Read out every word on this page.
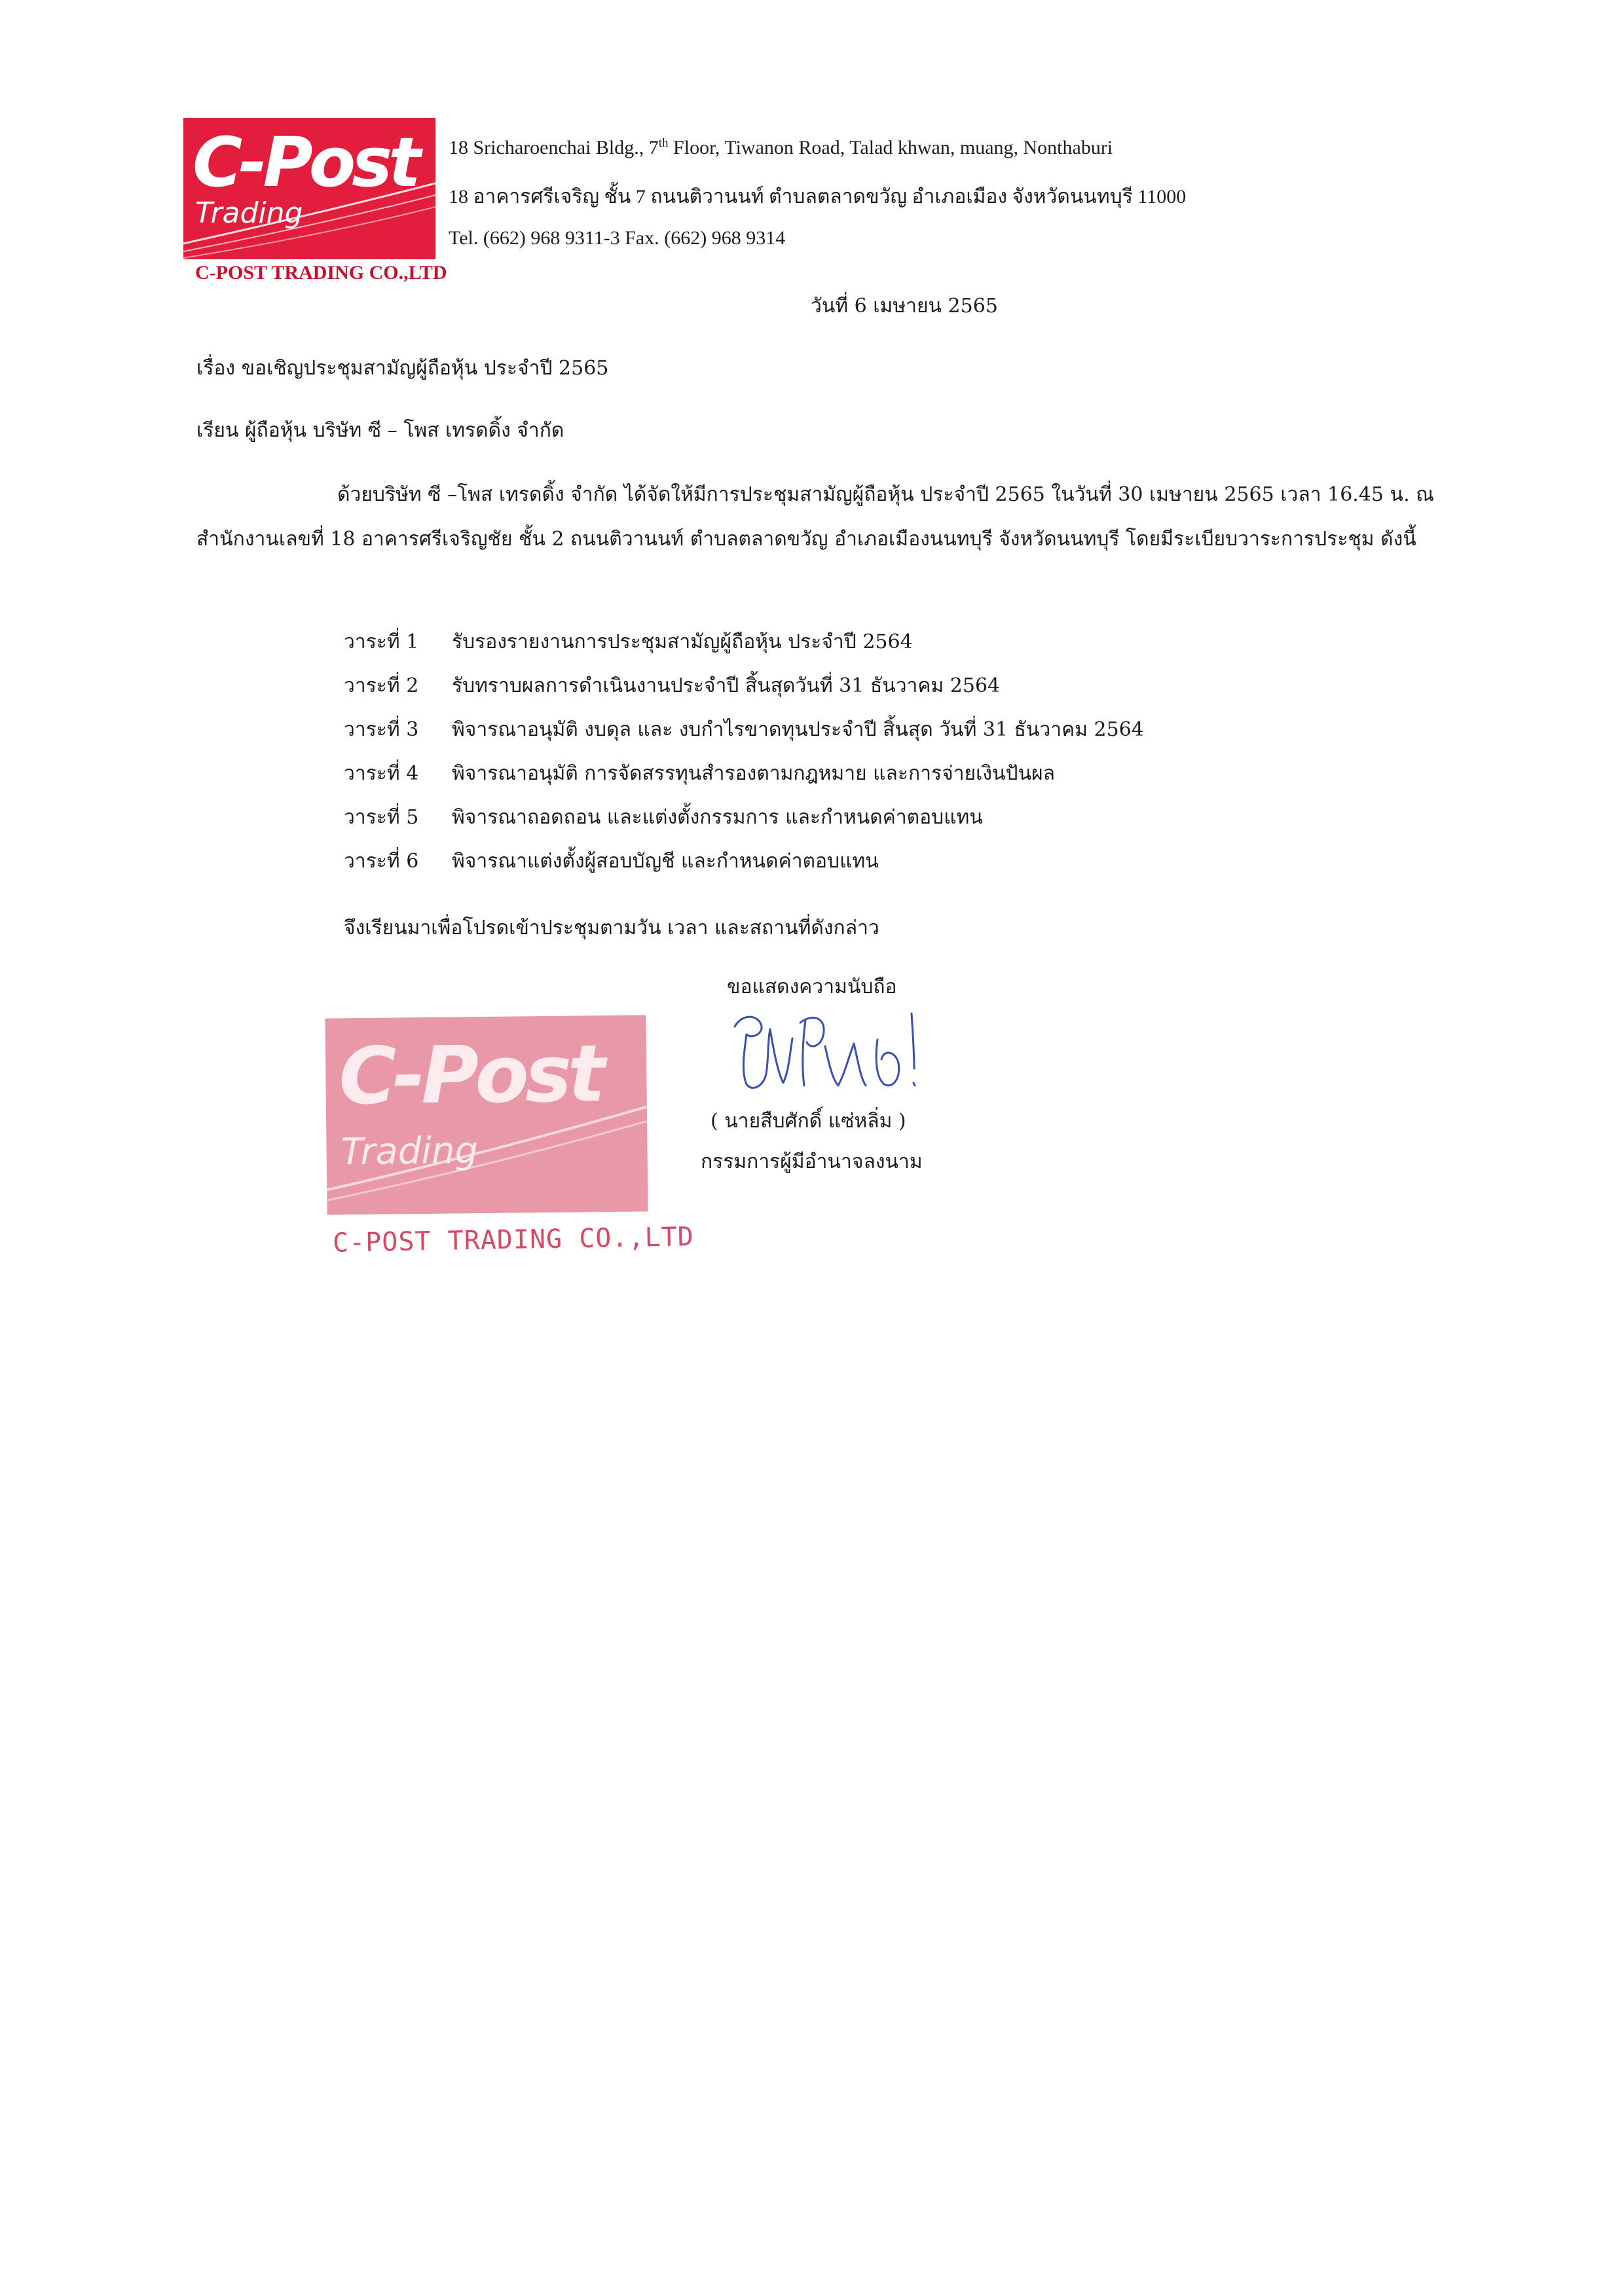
C-Post
Trading
C-POST TRADING CO.,LTD
18 Sricharoenchai Bldg., 7th Floor, Tiwanon Road, Talad khwan, muang, Nonthaburi
18 อาคารศรีเจริญ ชั้น 7 ถนนติวานนท์ ตำบลตลาดขวัญ อำเภอเมือง จังหวัดนนทบุรี 11000
Tel. (662) 968 9311-3 Fax. (662) 968 9314
วันที่ 6 เมษายน 2565
เรื่อง ขอเชิญประชุมสามัญผู้ถือหุ้น ประจำปี 2565
เรียน ผู้ถือหุ้น บริษัท ซี – โพส เทรดดิ้ง จำกัด
ด้วยบริษัท ซี –โพส เทรดดิ้ง จำกัด ได้จัดให้มีการประชุมสามัญผู้ถือหุ้น ประจำปี 2565 ในวันที่ 30 เมษายน 2565 เวลา 16.45 น. ณ สำนักงานเลขที่ 18 อาคารศรีเจริญชัย ชั้น 2 ถนนติวานนท์ ตำบลตลาดขวัญ อำเภอเมืองนนทบุรี จังหวัดนนทบุรี โดยมีระเบียบวาระการประชุม ดังนี้
วาระที่ 1 รับรองรายงานการประชุมสามัญผู้ถือหุ้น ประจำปี 2564
วาระที่ 2 รับทราบผลการดำเนินงานประจำปี สิ้นสุดวันที่ 31 ธันวาคม 2564
วาระที่ 3 พิจารณาอนุมัติ งบดุล และ งบกำไรขาดทุนประจำปี สิ้นสุด วันที่ 31 ธันวาคม 2564
วาระที่ 4 พิจารณาอนุมัติ การจัดสรรทุนสำรองตามกฎหมาย และการจ่ายเงินปันผล
วาระที่ 5 พิจารณาถอดถอน และแต่งตั้งกรรมการ และกำหนดค่าตอบแทน
วาระที่ 6 พิจารณาแต่งตั้งผู้สอบบัญชี และกำหนดค่าตอบแทน
จึงเรียนมาเพื่อโปรดเข้าประชุมตามวัน เวลา และสถานที่ดังกล่าว
ขอแสดงความนับถือ
( นายสืบศักดิ์ แซ่หลิ่ม )
กรรมการผู้มีอำนาจลงนาม
C-Post
Trading
C-POST TRADING CO.,LTD
